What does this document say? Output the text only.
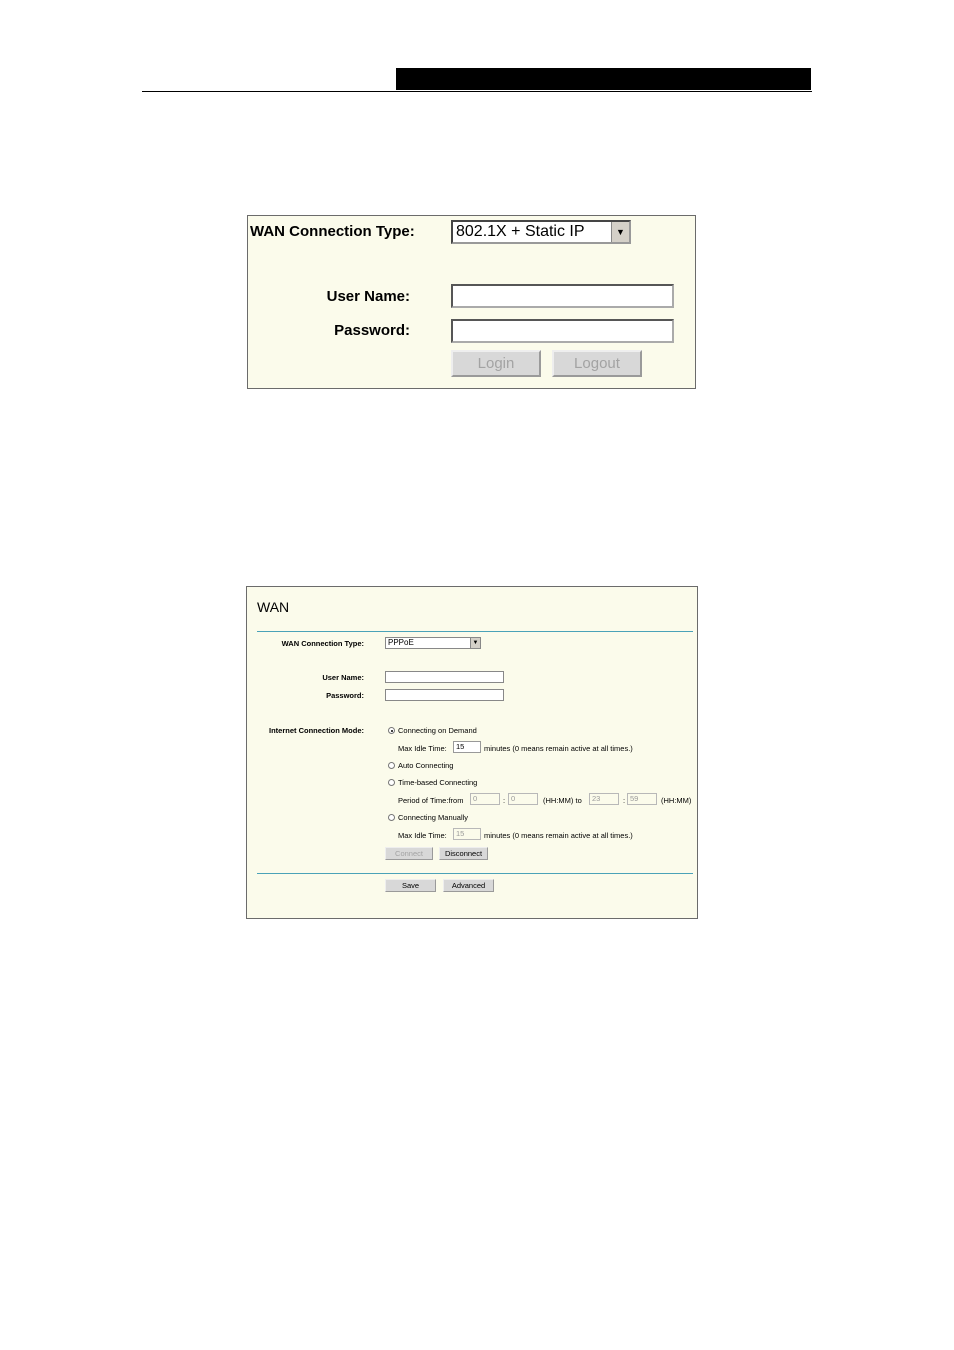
WAN Connection Type:	802.1X + Static IP	▼
User Name:
Password:
Login	Logout
WAN
WAN Connection Type:	PPPoE	▼
User Name:
Password:
Internet Connection Mode:	Connecting on Demand
Max Idle Time:	15	minutes (0 means remain active at all times.)
Auto Connecting
Time-based Connecting
Period of Time:from	0	: 0	(HH:MM) to	23	: 59	(HH:MM)
Connecting Manually
Max Idle Time:	15	minutes (0 means remain active at all times.)
Connect	Disconnect
Save	Advanced
